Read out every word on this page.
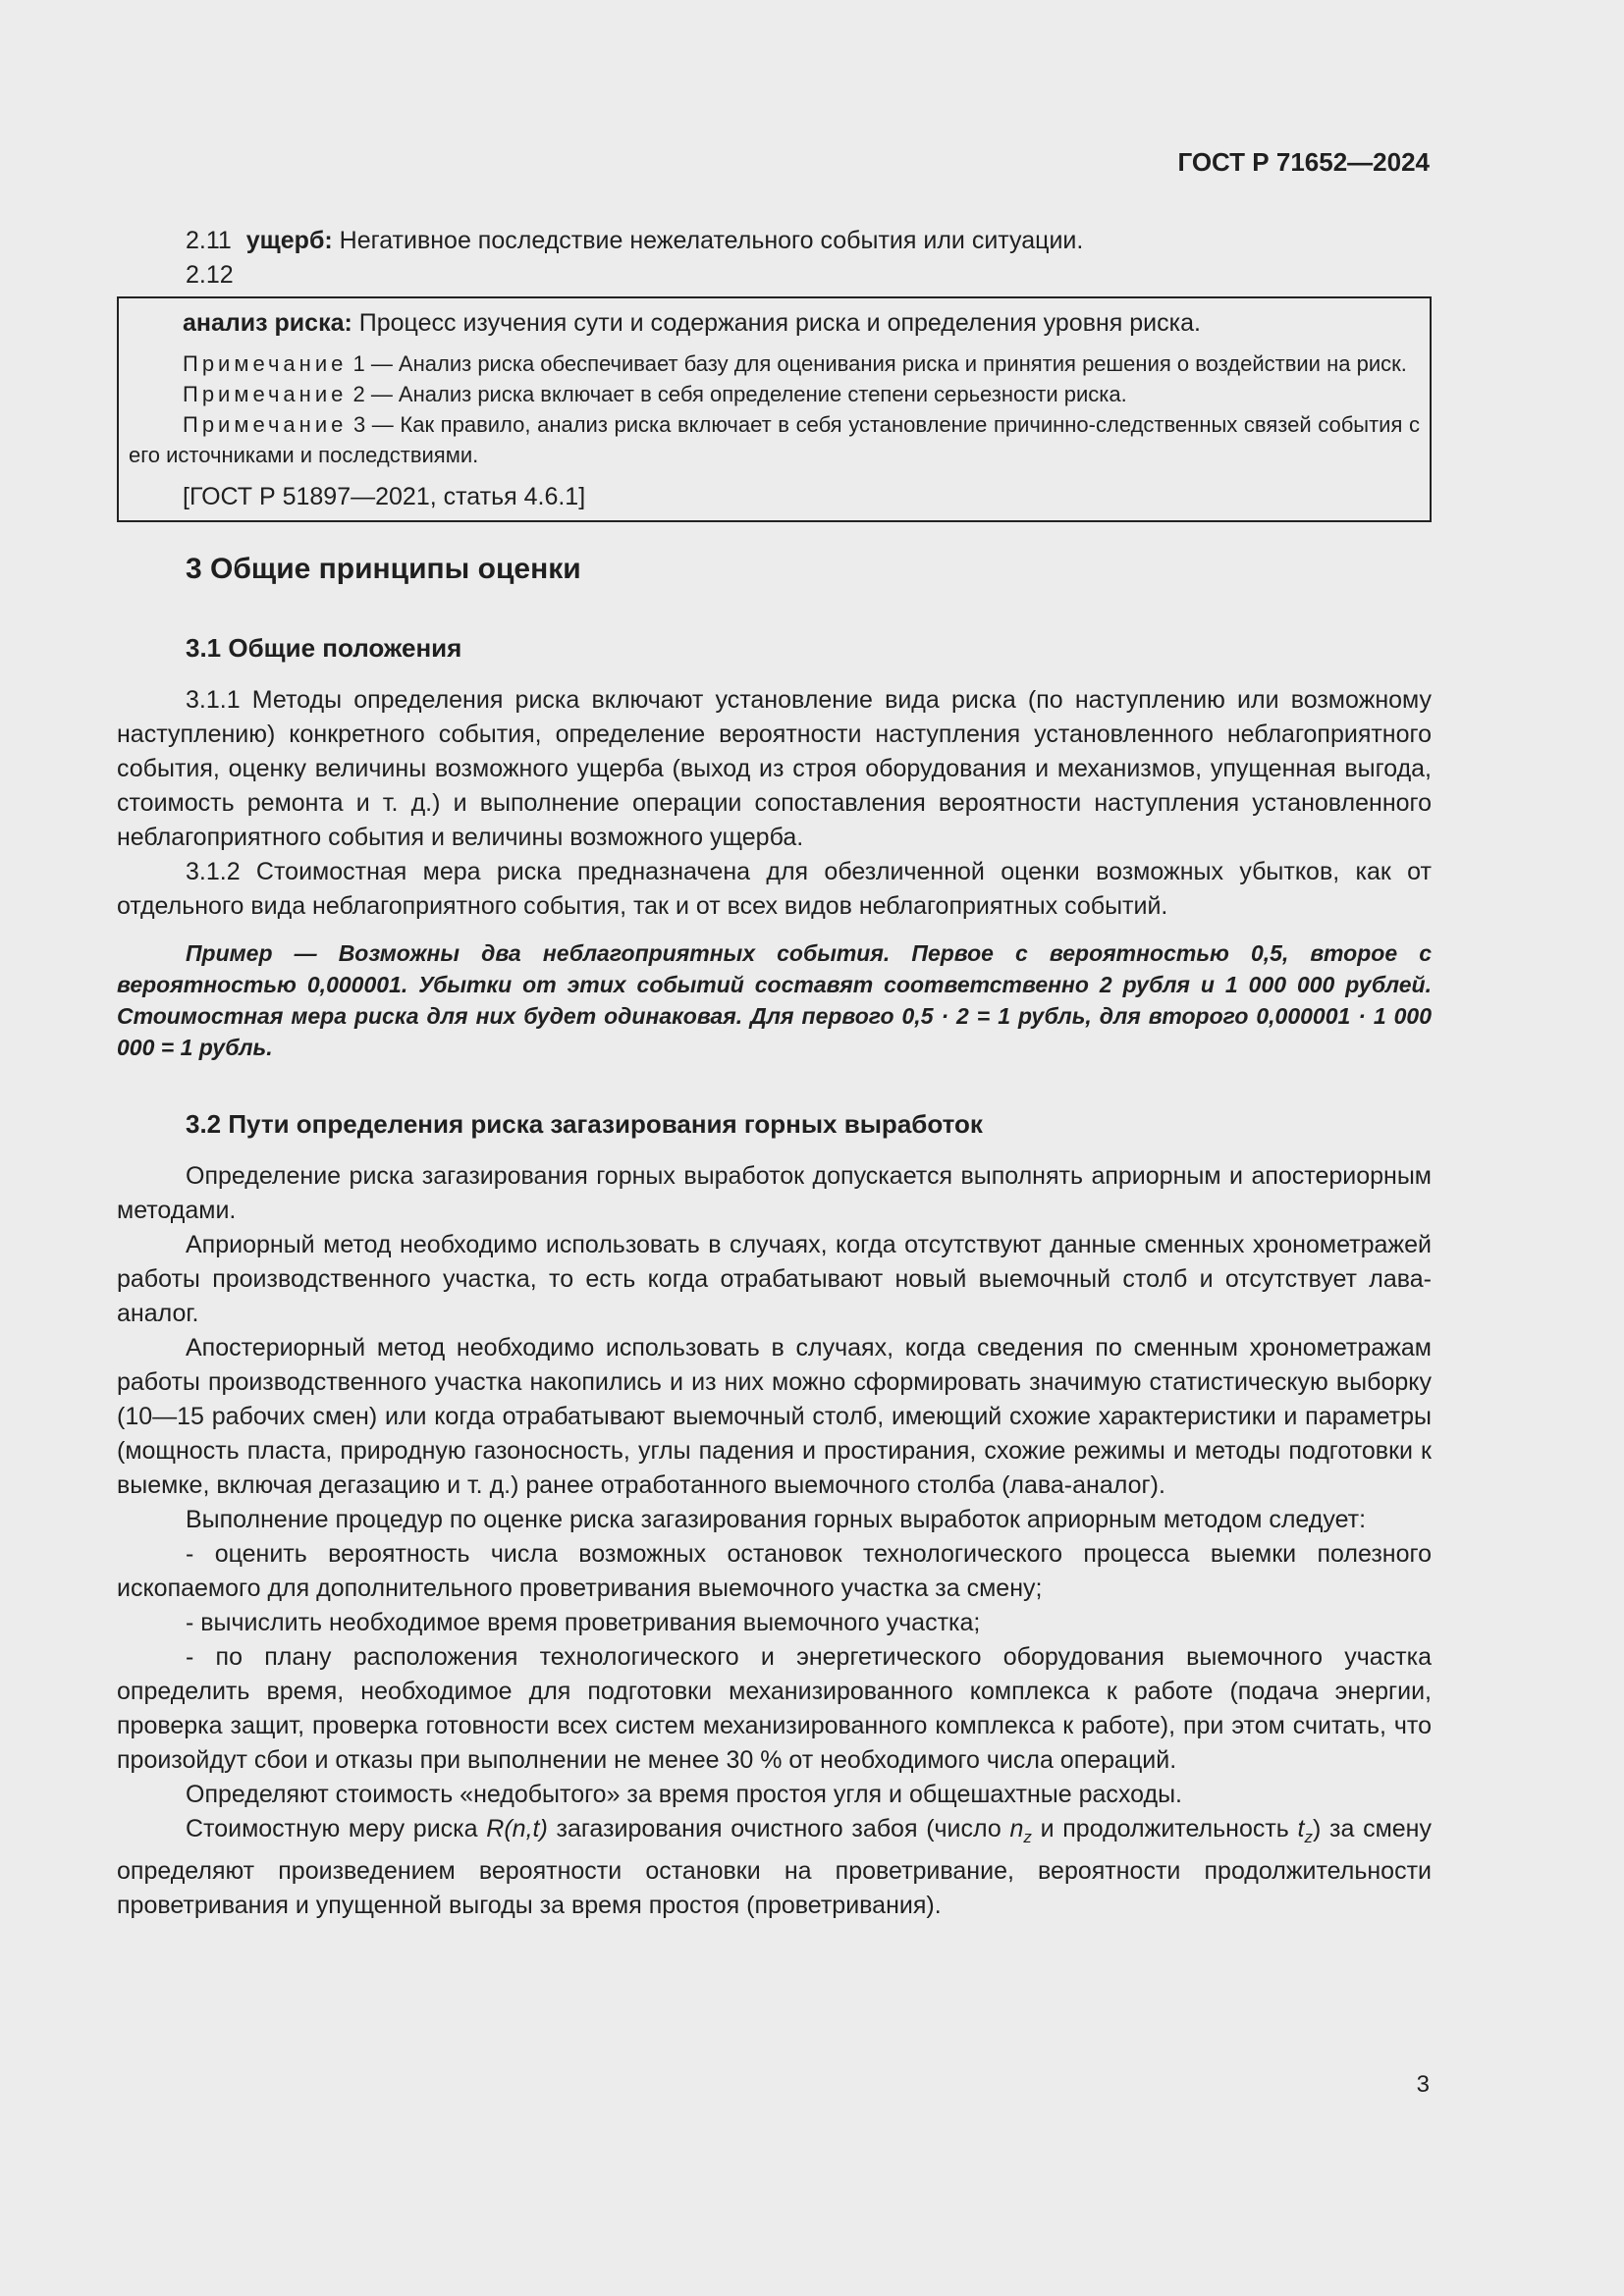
ГОСТ Р 71652—2024

2.11 ущерб: Негативное последствие нежелательного события или ситуации.

2.12

анализ риска: Процесс изучения сути и содержания риска и определения уровня риска.

Примечание 1 — Анализ риска обеспечивает базу для оценивания риска и принятия решения о воздействии на риск.

Примечание 2 — Анализ риска включает в себя определение степени серьезности риска.

Примечание 3 — Как правило, анализ риска включает в себя установление причинно-следственных связей события с его источниками и последствиями.

[ГОСТ Р 51897—2021, статья 4.6.1]

3 Общие принципы оценки
3.1 Общие положения

3.1.1 Методы определения риска включают установление вида риска (по наступлению или возможному наступлению) конкретного события, определение вероятности наступления установленного неблагоприятного события, оценку величины возможного ущерба (выход из строя оборудования и механизмов, упущенная выгода, стоимость ремонта и т. д.) и выполнение операции сопоставления вероятности наступления установленного неблагоприятного события и величины возможного ущерба.

3.1.2 Стоимостная мера риска предназначена для обезличенной оценки возможных убытков, как от отдельного вида неблагоприятного события, так и от всех видов неблагоприятных событий.

Пример — Возможны два неблагоприятных события. Первое с вероятностью 0,5, второе с вероятностью 0,000001. Убытки от этих событий составят соответственно 2 рубля и 1 000 000 рублей. Стоимостная мера риска для них будет одинаковая. Для первого 0,5 · 2 = 1 рубль, для второго 0,000001 · 1 000 000 = 1 рубль.

3.2 Пути определения риска загазирования горных выработок

Определение риска загазирования горных выработок допускается выполнять априорным и апостериорным методами.

Априорный метод необходимо использовать в случаях, когда отсутствуют данные сменных хронометражей работы производственного участка, то есть когда отрабатывают новый выемочный столб и отсутствует лава-аналог.

Апостериорный метод необходимо использовать в случаях, когда сведения по сменным хронометражам работы производственного участка накопились и из них можно сформировать значимую статистическую выборку (10—15 рабочих смен) или когда отрабатывают выемочный столб, имеющий схожие характеристики и параметры (мощность пласта, природную газоносность, углы падения и простирания, схожие режимы и методы подготовки к выемке, включая дегазацию и т. д.) ранее отработанного выемочного столба (лава-аналог).

Выполнение процедур по оценке риска загазирования горных выработок априорным методом следует:

- оценить вероятность числа возможных остановок технологического процесса выемки полезного ископаемого для дополнительного проветривания выемочного участка за смену;

- вычислить необходимое время проветривания выемочного участка;

- по плану расположения технологического и энергетического оборудования выемочного участка определить время, необходимое для подготовки механизированного комплекса к работе (подача энергии, проверка защит, проверка готовности всех систем механизированного комплекса к работе), при этом считать, что произойдут сбои и отказы при выполнении не менее 30 % от необходимого числа операций.

Определяют стоимость «недобытого» за время простоя угля и общешахтные расходы.

Стоимостную меру риска R(n,t) загазирования очистного забоя (число $n_z$ и продолжительность $t_z$) за смену определяют произведением вероятности остановки на проветривание, вероятности продолжительности проветривания и упущенной выгоды за время простоя (проветривания).

3
